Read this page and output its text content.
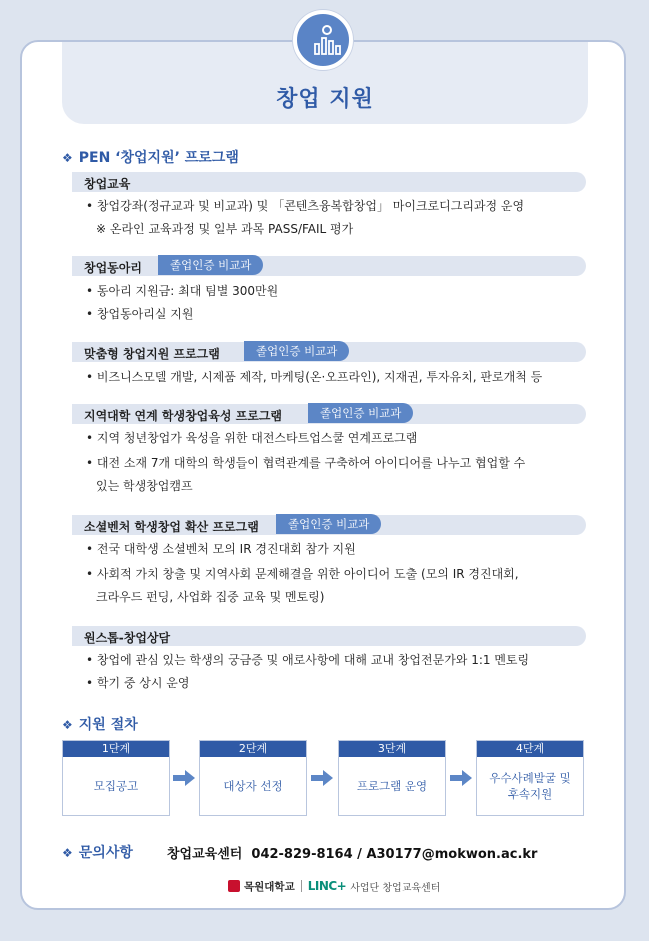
창업 지원
❖ PEN ‘창업지원’ 프로그램
창업교육
• 창업강좌(정규교과 및 비교과) 및 「콘텐츠융복합창업」 마이크로디그리과정 운영
※ 온라인 교육과정 및 일부 과목 PASS/FAIL 평가
창업동아리	졸업인증 비교과
• 동아리 지원금: 최대 팀별 300만원
• 창업동아리실 지원
맞춤형 창업지원 프로그램	졸업인증 비교과
• 비즈니스모델 개발, 시제품 제작, 마케팅(온·오프라인), 지재권, 투자유치, 판로개척 등
지역대학 연계 학생창업육성 프로그램	졸업인증 비교과
• 지역 청년창업가 육성을 위한 대전스타트업스쿨 연계프로그램
• 대전 소재 7개 대학의 학생들이 협력관계를 구축하여 아이디어를 나누고 협업할 수
있는 학생창업캠프
소셜벤처 학생창업 확산 프로그램	졸업인증 비교과
• 전국 대학생 소셜벤처 모의 IR 경진대회 참가 지원
• 사회적 가치 창출 및 지역사회 문제해결을 위한 아이디어 도출 (모의 IR 경진대회,
크라우드 펀딩, 사업화 집중 교육 및 멘토링)
원스톱-창업상담
• 창업에 관심 있는 학생의 궁금증 및 애로사항에 대해 교내 창업전문가와 1:1 멘토링
• 학기 중 상시 운영
❖ 지원 절차
1단계
모집공고
2단계
대상자 선정
3단계
프로그램 운영
4단계
우수사례발굴 및
후속지원
❖ 문의사항	창업교육센터  042-829-8164 / A30177@mokwon.ac.kr
목원대학교 LINC+ 사업단 창업교육센터
